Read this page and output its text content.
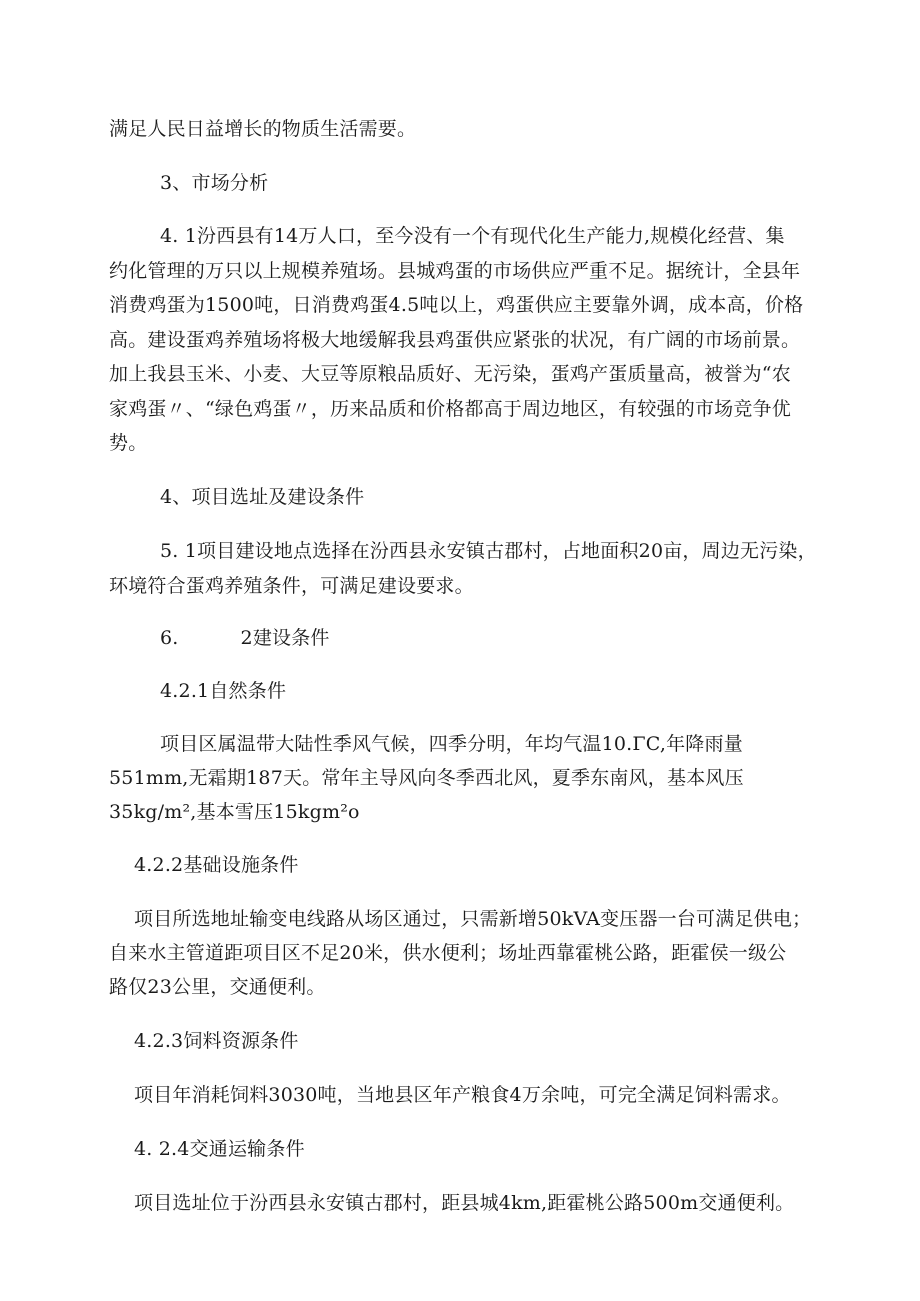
满足人民日益增长的物质生活需要。
3、市场分析
4. 1汾西县有14万人口，至今没有一个有现代化生产能力,规模化经营、集
约化管理的万只以上规模养殖场。县城鸡蛋的市场供应严重不足。据统计，全县年
消费鸡蛋为1500吨，日消费鸡蛋4.5吨以上，鸡蛋供应主要靠外调，成本高，价格
高。建设蛋鸡养殖场将极大地缓解我县鸡蛋供应紧张的状况，有广阔的市场前景。
加上我县玉米、小麦、大豆等原粮品质好、无污染，蛋鸡产蛋质量高，被誉为“农
家鸡蛋〃、“绿色鸡蛋〃，历来品质和价格都高于周边地区，有较强的市场竞争优
势。
4、项目选址及建设条件
5. 1项目建设地点选择在汾西县永安镇古郡村，占地面积20亩，周边无污染，
环境符合蛋鸡养殖条件，可满足建设要求。
6.	2建设条件
4.2.1自然条件
项目区属温带大陆性季风气候，四季分明，年均气温10.ΓC,年降雨量
551mm,无霜期187天。常年主导风向冬季西北风，夏季东南风，基本风压
35kg/m²,基本雪压15kgm²o
4.2.2基础设施条件
项目所选地址输变电线路从场区通过，只需新增50kVA变压器一台可满足供电；
自来水主管道距项目区不足20米，供水便利；场址西靠霍桃公路，距霍侯一级公
路仅23公里，交通便利。
4.2.3饲料资源条件
项目年消耗饲料3030吨，当地县区年产粮食4万余吨，可完全满足饲料需求。
4. 2.4交通运输条件
项目选址位于汾西县永安镇古郡村，距县城4km,距霍桃公路500m交通便利。
